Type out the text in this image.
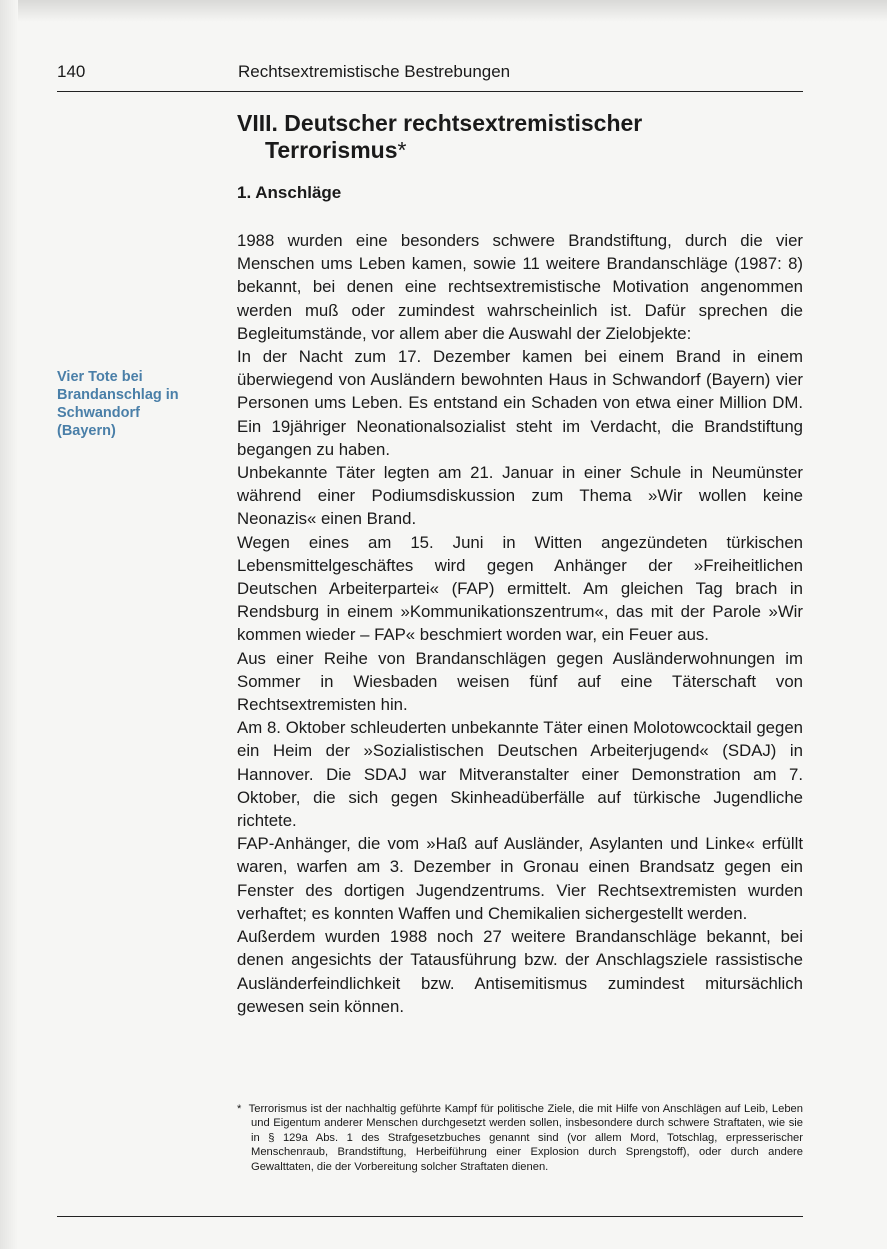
140	Rechtsextremistische Bestrebungen
VIII. Deutscher rechtsextremistischer
Terrorismus*
1. Anschläge

Vier Tote bei
Brandanschlag in
Schwandorf
(Bayern)

1988 wurden eine besonders schwere Brandstiftung, durch die vier Menschen ums Leben kamen, sowie 11 weitere Brandanschläge (1987: 8) bekannt, bei denen eine rechtsextremistische Motivation angenommen werden muß oder zumindest wahrscheinlich ist. Dafür sprechen die Begleitumstände, vor allem aber die Auswahl der Zielobjekte:

In der Nacht zum 17. Dezember kamen bei einem Brand in einem überwiegend von Ausländern bewohnten Haus in Schwandorf (Bayern) vier Personen ums Leben. Es entstand ein Schaden von etwa einer Million DM. Ein 19jähriger Neonationalsozialist steht im Verdacht, die Brandstiftung begangen zu haben.

Unbekannte Täter legten am 21. Januar in einer Schule in Neumünster während einer Podiumsdiskussion zum Thema »Wir wollen keine Neonazis« einen Brand.

Wegen eines am 15. Juni in Witten angezündeten türkischen Lebensmittelgeschäftes wird gegen Anhänger der »Freiheitlichen Deutschen Arbeiterpartei« (FAP) ermittelt. Am gleichen Tag brach in Rendsburg in einem »Kommunikationszentrum«, das mit der Parole »Wir kommen wieder – FAP« beschmiert worden war, ein Feuer aus.

Aus einer Reihe von Brandanschlägen gegen Ausländerwohnungen im Sommer in Wiesbaden weisen fünf auf eine Täterschaft von Rechtsextremisten hin.

Am 8. Oktober schleuderten unbekannte Täter einen Molotowcocktail gegen ein Heim der »Sozialistischen Deutschen Arbeiterjugend« (SDAJ) in Hannover. Die SDAJ war Mitveranstalter einer Demonstration am 7. Oktober, die sich gegen Skinheadüberfälle auf türkische Jugendliche richtete.

FAP-Anhänger, die vom »Haß auf Ausländer, Asylanten und Linke« erfüllt waren, warfen am 3. Dezember in Gronau einen Brandsatz gegen ein Fenster des dortigen Jugendzentrums. Vier Rechtsextremisten wurden verhaftet; es konnten Waffen und Chemikalien sichergestellt werden.

Außerdem wurden 1988 noch 27 weitere Brandanschläge bekannt, bei denen angesichts der Tatausführung bzw. der Anschlagsziele rassistische Ausländerfeindlichkeit bzw. Antisemitismus zumindest mitursächlich gewesen sein können.

* Terrorismus ist der nachhaltig geführte Kampf für politische Ziele, die mit Hilfe von Anschlägen auf Leib, Leben und Eigentum anderer Menschen durchgesetzt werden sollen, insbesondere durch schwere Straftaten, wie sie in § 129a Abs. 1 des Strafgesetzbuches genannt sind (vor allem Mord, Totschlag, erpresserischer Menschenraub, Brandstiftung, Herbeiführung einer Explosion durch Sprengstoff), oder durch andere Gewalttaten, die der Vorbereitung solcher Straftaten dienen.
